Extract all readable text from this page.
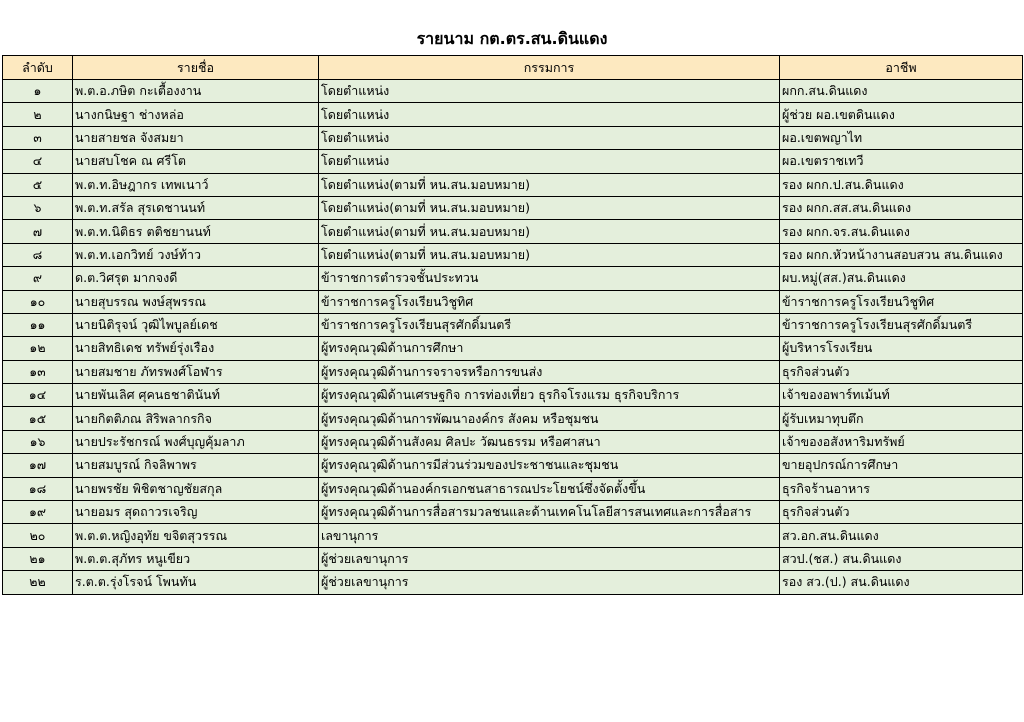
รายนาม กต.ตร.สน.ดินแดง
ลำดับ	รายชื่อ	กรรมการ	อาชีพ
๑	พ.ต.อ.ภษิต กะเตื้องงาน	โดยตำแหน่ง	ผกก.สน.ดินแดง
๒	นางกนิษฐา ช่างหล่อ	โดยตำแหน่ง	ผู้ช่วย ผอ.เขตดินแดง
๓	นายสายชล จังสมยา	โดยตำแหน่ง	ผอ.เขตพญาไท
๔	นายสบโชค ณ ศรีโต	โดยตำแหน่ง	ผอ.เขตราชเทวี
๕	พ.ต.ท.อิษฎากร เทพเนาว์	โดยตำแหน่ง(ตามที่ หน.สน.มอบหมาย)	รอง ผกก.ป.สน.ดินแดง
๖	พ.ต.ท.สรัล สุรเดชานนท์	โดยตำแหน่ง(ตามที่ หน.สน.มอบหมาย)	รอง ผกก.สส.สน.ดินแดง
๗	พ.ต.ท.นิติธร ตติชยานนท์	โดยตำแหน่ง(ตามที่ หน.สน.มอบหมาย)	รอง ผกก.จร.สน.ดินแดง
๘	พ.ต.ท.เอกวิทย์ วงษ์ท้าว	โดยตำแหน่ง(ตามที่ หน.สน.มอบหมาย)	รอง ผกก.หัวหน้างานสอบสวน สน.ดินแดง
๙	ด.ต.วิศรุต มากจงดี	ข้าราชการตำรวจชั้นประทวน	ผบ.หมู่(สส.)สน.ดินแดง
๑๐	นายสุบรรณ พงษ์สุพรรณ	ข้าราชการครูโรงเรียนวิชูทิศ	ข้าราชการครูโรงเรียนวิชูทิศ
๑๑	นายนิติรุจน์ วุฒิไพบูลย์เดช	ข้าราชการครูโรงเรียนสุรศักดิ์มนตรี	ข้าราชการครูโรงเรียนสุรศักดิ์มนตรี
๑๒	นายสิทธิเดช ทรัพย์รุ่งเรือง	ผู้ทรงคุณวุฒิด้านการศึกษา	ผู้บริหารโรงเรียน
๑๓	นายสมชาย ภัทรพงศ์โอฬาร	ผู้ทรงคุณวุฒิด้านการจราจรหรือการขนส่ง	ธุรกิจส่วนตัว
๑๔	นายพันเลิศ ศุคนธชาตินันท์	ผู้ทรงคุณวุฒิด้านเศรษฐกิจ การท่องเที่ยว ธุรกิจโรงแรม ธุรกิจบริการ	เจ้าของอพาร์ทเม้นท์
๑๕	นายกิตติภณ สิริพลากรกิจ	ผู้ทรงคุณวุฒิด้านการพัฒนาองค์กร สังคม หรือชุมชน	ผู้รับเหมาทุบตึก
๑๖	นายประรัชกรณ์ พงศ์บุญคุ้มลาภ	ผู้ทรงคุณวุฒิด้านสังคม ศิลปะ วัฒนธรรม หรือศาสนา	เจ้าของอสังหาริมทรัพย์
๑๗	นายสมบูรณ์ กิจลิพาพร	ผู้ทรงคุณวุฒิด้านการมีส่วนร่วมของประชาชนและชุมชน	ขายอุปกรณ์การศึกษา
๑๘	นายพรชัย พิชิตชาญชัยสกุล	ผู้ทรงคุณวุฒิด้านองค์กรเอกชนสาธารณประโยชน์ซึ่งจัดตั้งขึ้น	ธุรกิจร้านอาหาร
๑๙	นายอมร สุดถาวรเจริญ	ผู้ทรงคุณวุฒิด้านการสื่อสารมวลชนและด้านเทคโนโลยีสารสนเทศและการสื่อสาร	ธุรกิจส่วนตัว
๒๐	พ.ต.ต.หญิงอุทัย ขจิตสุวรรณ	เลขานุการ	สว.อก.สน.ดินแดง
๒๑	พ.ต.ต.สุภัทร หนูเขียว	ผู้ช่วยเลขานุการ	สวป.(ชส.) สน.ดินแดง
๒๒	ร.ต.ต.รุ่งโรจน์ โพนทัน	ผู้ช่วยเลขานุการ	รอง สว.(ป.) สน.ดินแดง
